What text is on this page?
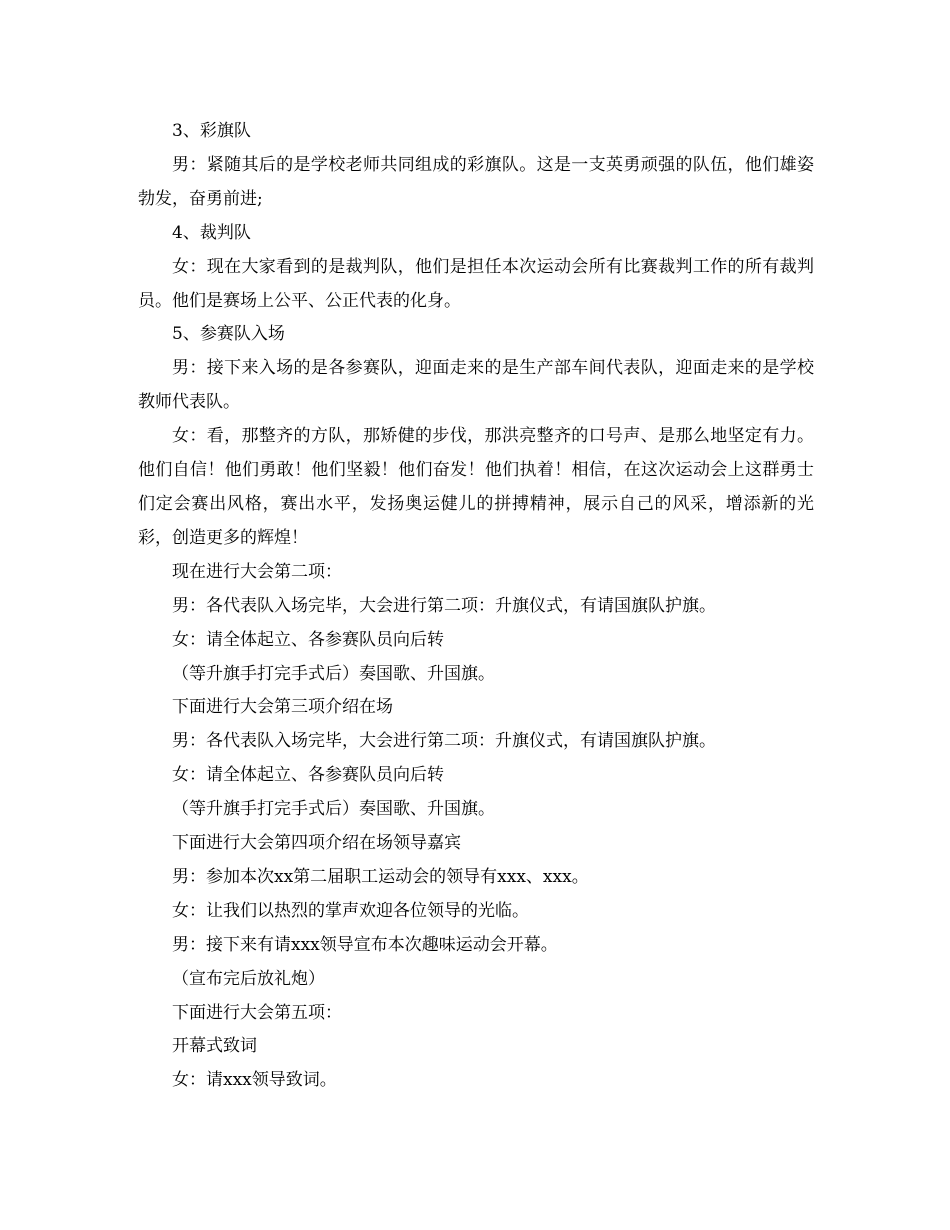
3、彩旗队

男：紧随其后的是学校老师共同组成的彩旗队。这是一支英勇顽强的队伍，他们雄姿勃发，奋勇前进;

4、裁判队

女：现在大家看到的是裁判队，他们是担任本次运动会所有比赛裁判工作的所有裁判员。他们是赛场上公平、公正代表的化身。

5、参赛队入场

男：接下来入场的是各参赛队，迎面走来的是生产部车间代表队，迎面走来的是学校教师代表队。

女：看，那整齐的方队，那矫健的步伐，那洪亮整齐的口号声、是那么地坚定有力。他们自信！他们勇敢！他们坚毅！他们奋发！他们执着！相信，在这次运动会上这群勇士们定会赛出风格，赛出水平，发扬奥运健儿的拼搏精神，展示自己的风采，增添新的光彩，创造更多的辉煌！

现在进行大会第二项：

男：各代表队入场完毕，大会进行第二项：升旗仪式，有请国旗队护旗。

女：请全体起立、各参赛队员向后转

（等升旗手打完手式后）奏国歌、升国旗。

下面进行大会第三项介绍在场

男：各代表队入场完毕，大会进行第二项：升旗仪式，有请国旗队护旗。

女：请全体起立、各参赛队员向后转

（等升旗手打完手式后）奏国歌、升国旗。

下面进行大会第四项介绍在场领导嘉宾

男：参加本次xx第二届职工运动会的领导有xxx、xxx。

女：让我们以热烈的掌声欢迎各位领导的光临。

男：接下来有请xxx领导宣布本次趣味运动会开幕。

（宣布完后放礼炮）

下面进行大会第五项：

开幕式致词

女：请xxx领导致词。
